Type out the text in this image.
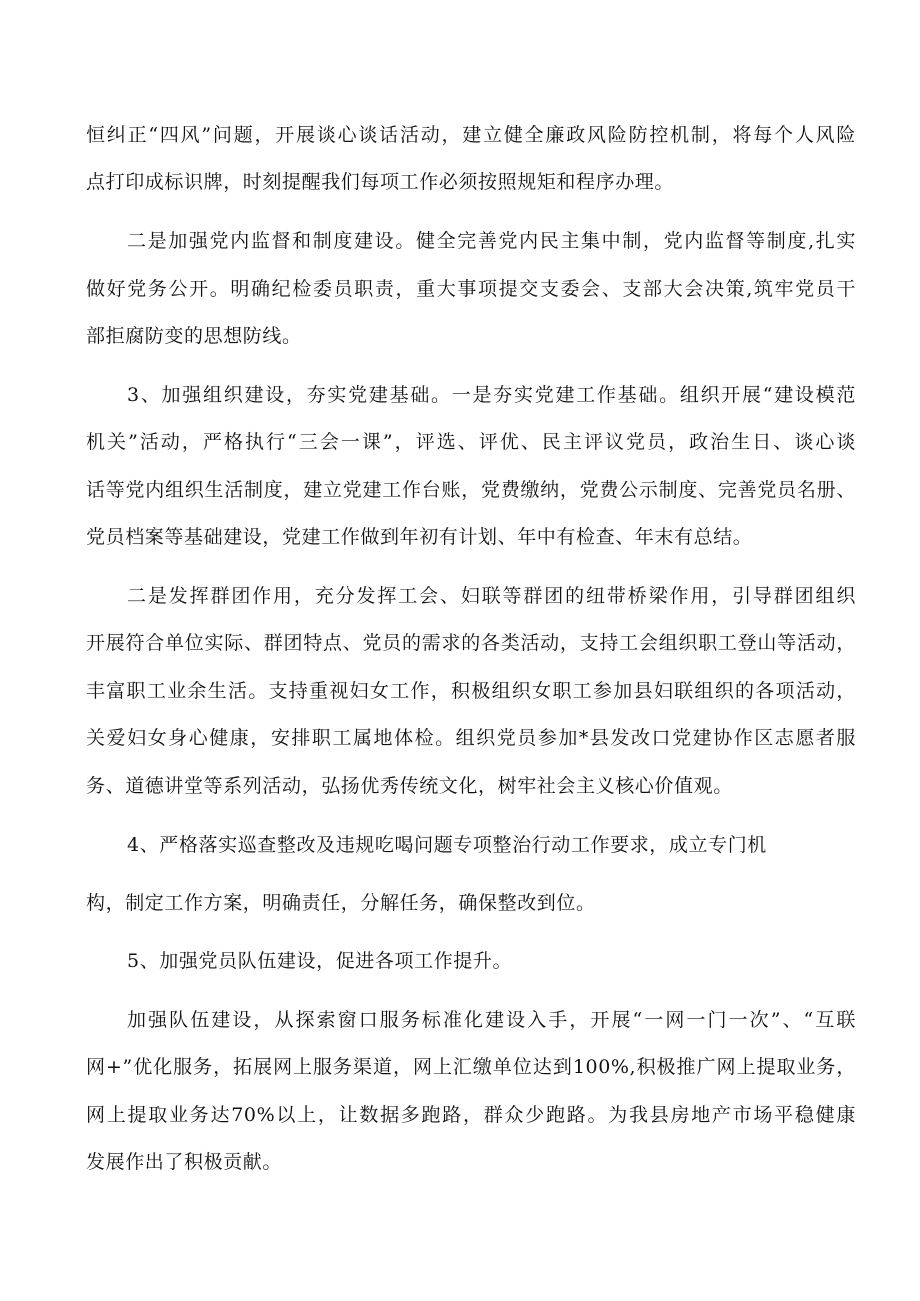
恒纠正“四风”问题，开展谈心谈话活动，建立健全廉政风险防控机制，将每个人风险
点打印成标识牌，时刻提醒我们每项工作必须按照规矩和程序办理。
二是加强党内监督和制度建设。健全完善党内民主集中制，党内监督等制度,扎实
做好党务公开。明确纪检委员职责，重大事项提交支委会、支部大会决策,筑牢党员干
部拒腐防变的思想防线。
3、加强组织建设，夯实党建基础。一是夯实党建工作基础。组织开展“建设模范
机关”活动，严格执行“三会一课”，评选、评优、民主评议党员，政治生日、谈心谈
话等党内组织生活制度，建立党建工作台账，党费缴纳，党费公示制度、完善党员名册、
党员档案等基础建设，党建工作做到年初有计划、年中有检查、年末有总结。
二是发挥群团作用，充分发挥工会、妇联等群团的纽带桥梁作用，引导群团组织
开展符合单位实际、群团特点、党员的需求的各类活动，支持工会组织职工登山等活动，
丰富职工业余生活。支持重视妇女工作，积极组织女职工参加县妇联组织的各项活动，
关爱妇女身心健康，安排职工属地体检。组织党员参加*县发改口党建协作区志愿者服
务、道德讲堂等系列活动，弘扬优秀传统文化，树牢社会主义核心价值观。
4、严格落实巡查整改及违规吃喝问题专项整治行动工作要求，成立专门机
构，制定工作方案，明确责任，分解任务，确保整改到位。
5、加强党员队伍建设，促进各项工作提升。
加强队伍建设，从探索窗口服务标准化建设入手，开展“一网一门一次”、“互联
网+”优化服务，拓展网上服务渠道，网上汇缴单位达到100%,积极推广网上提取业务，
网上提取业务达70%以上，让数据多跑路，群众少跑路。为我县房地产市场平稳健康
发展作出了积极贡献。
